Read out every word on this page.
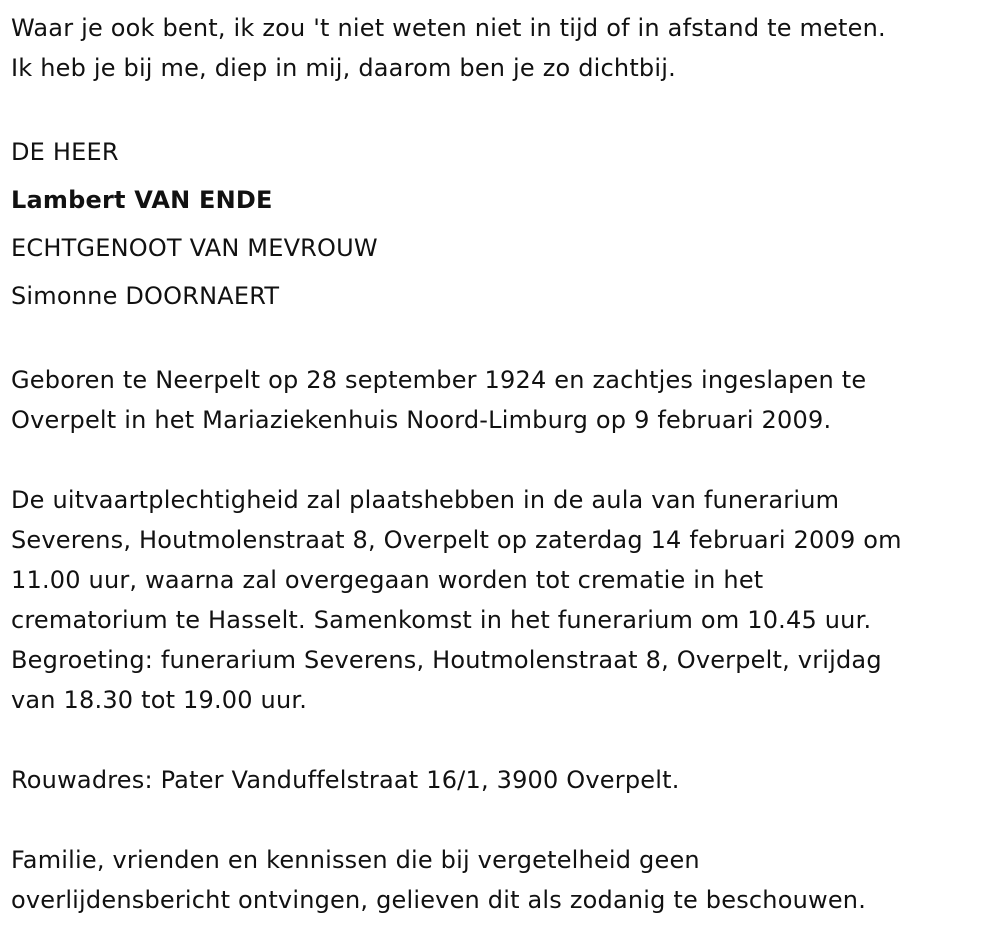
Waar je ook bent, ik zou 't niet weten niet in tijd of in afstand te meten.
Ik heb je bij me, diep in mij, daarom ben je zo dichtbij.
DE HEER
Lambert VAN ENDE
ECHTGENOOT VAN MEVROUW
Simonne DOORNAERT
Geboren te Neerpelt op 28 september 1924 en zachtjes ingeslapen te
Overpelt in het Mariaziekenhuis Noord-Limburg op 9 februari 2009.
De uitvaartplechtigheid zal plaatshebben in de aula van funerarium
Severens, Houtmolenstraat 8, Overpelt op zaterdag 14 februari 2009 om
11.00 uur, waarna zal overgegaan worden tot crematie in het
crematorium te Hasselt. Samenkomst in het funerarium om 10.45 uur.
Begroeting: funerarium Severens, Houtmolenstraat 8, Overpelt, vrijdag
van 18.30 tot 19.00 uur.
Rouwadres: Pater Vanduffelstraat 16/1, 3900 Overpelt.
Familie, vrienden en kennissen die bij vergetelheid geen
overlijdensbericht ontvingen, gelieven dit als zodanig te beschouwen.
